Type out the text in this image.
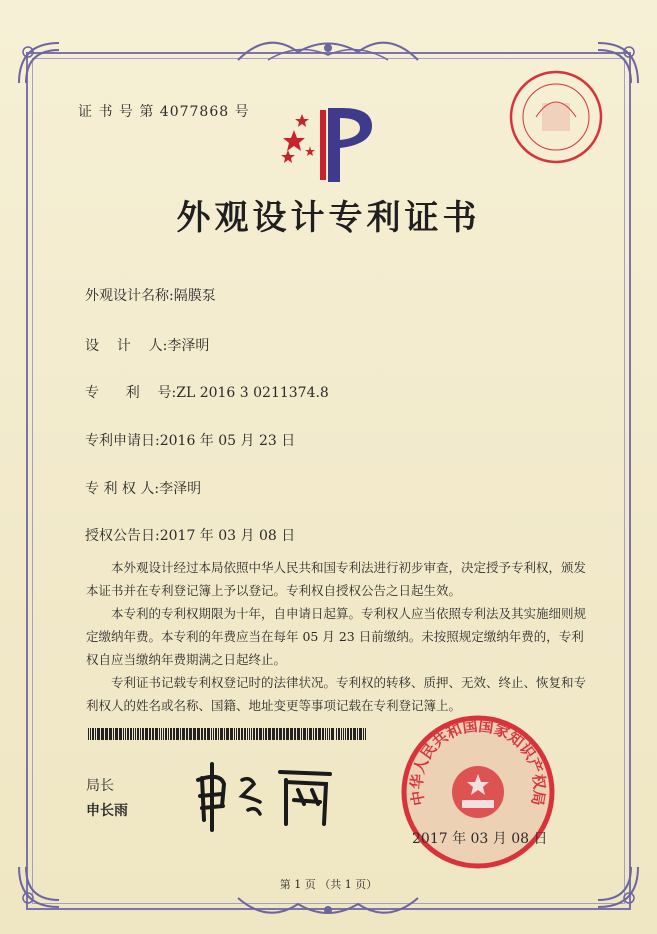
证 书 号 第 4077868 号
外观设计专利证书
外观设计名称:隔膜泵
设    计    人:李泽明
专      利    号:ZL 2016 3 0211374.8
专利申请日:2016 年 05 月 23 日
专 利 权 人:李泽明
授权公告日:2017 年 03 月 08 日

本外观设计经过本局依照中华人民共和国专利法进行初步审查，决定授予专利权，颁发本证书并在专利登记簿上予以登记。专利权自授权公告之日起生效。

本专利的专利权期限为十年，自申请日起算。专利权人应当依照专利法及其实施细则规定缴纳年费。本专利的年费应当在每年 05 月 23 日前缴纳。未按照规定缴纳年费的，专利权自应当缴纳年费期满之日起终止。

专利证书记载专利权登记时的法律状况。专利权的转移、质押、无效、终止、恢复和专利权人的姓名或名称、国籍、地址变更等事项记载在专利登记簿上。

局长
申长雨
中华人民共和国国家知识产权局
2017 年 03 月 08 日
第 1 页 （共 1 页）
